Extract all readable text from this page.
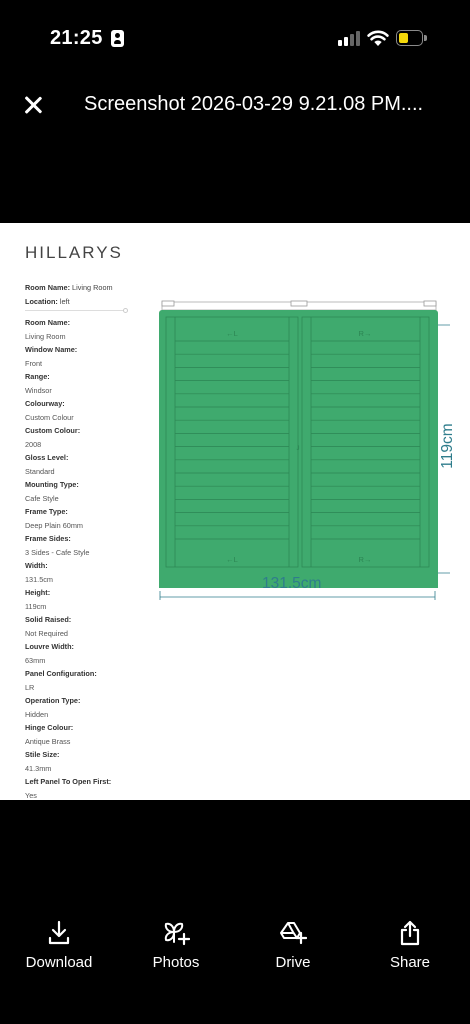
21:25
Screenshot 2026-03-29 9.21.08 PM....
HILLARYS
Room Name: Living Room
Location: left
Room Name:
Living Room
Window Name:
Front
Range:
Windsor
Colourway:
Custom Colour
Custom Colour:
2008
Gloss Level:
Standard
Mounting Type:
Cafe Style
Frame Type:
Deep Plain 60mm
Frame Sides:
3 Sides - Cafe Style
Width:
131.5cm
Height:
119cm
Solid Raised:
Not Required
Louvre Width:
63mm
Panel Configuration:
LR
Operation Type:
Hidden
Hinge Colour:
Antique Brass
Stile Size:
41.3mm
Left Panel To Open First:
Yes
←L	R→
←L	R→
J
131.5cm
119cm
Download	Photos	Drive	Share
